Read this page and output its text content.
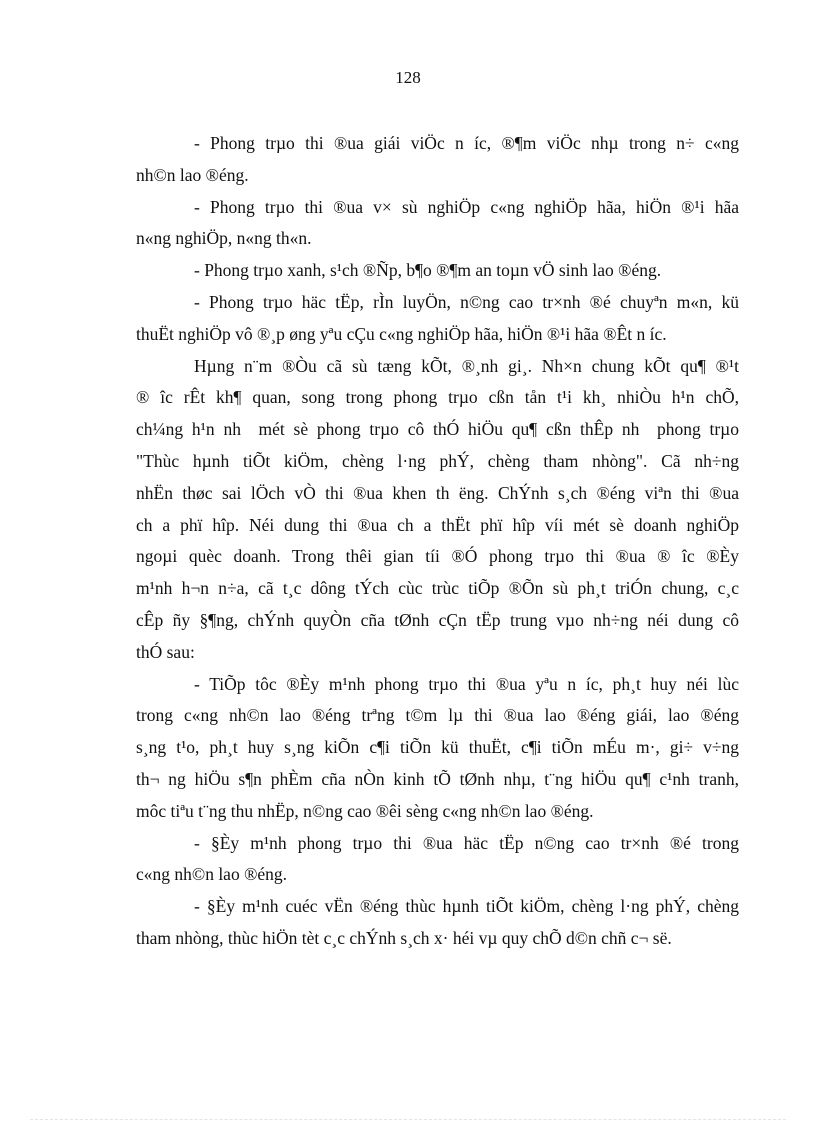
128
- Phong trµo thi ®ua giái viÖc n íc, ®¶m viÖc nhµ trong n÷ c«ng
nh©n lao ®éng.
- Phong trµo thi ®ua v× sù nghiÖp c«ng nghiÖp hãa, hiÖn ®¹i hãa
n«ng nghiÖp, n«ng th«n.
- Phong trµo xanh, s¹ch ®Ñp, b¶o ®¶m an toµn vÖ sinh lao ®éng.
- Phong trµo häc tËp, rÌn luyÖn, n©ng cao tr×nh ®é chuyªn m«n, kü
thuËt nghiÖp vô ®¸p øng yªu cÇu c«ng nghiÖp hãa, hiÖn ®¹i hãa ®Êt n íc.
Hµng n¨m ®Òu cã sù tæng kÕt, ®¸nh gi¸. Nh×n chung kÕt qu¶ ®¹t
® îc rÊt kh¶ quan, song trong phong trµo cßn tån t¹i kh¸ nhiÒu h¹n chÕ,
ch¼ng h¹n nh  mét sè phong trµo cô thÓ hiÖu qu¶ cßn thÊp nh  phong trµo
"Thùc hµnh tiÕt kiÖm, chèng l·ng phÝ, chèng tham nhòng". Cã nh÷ng
nhËn thøc sai lÖch vÒ thi ®ua khen th ëng. ChÝnh s¸ch ®éng viªn thi ®ua
ch a phï hîp. Néi dung thi ®ua ch a thËt phï hîp víi mét sè doanh nghiÖp
ngoµi quèc doanh. Trong thêi gian tíi ®Ó phong trµo thi ®ua ® îc ®Èy
m¹nh h¬n n÷a, cã t¸c dông tÝch cùc trùc tiÕp ®Õn sù ph¸t triÓn chung, c¸c
cÊp ñy §¶ng, chÝnh quyÒn cña tØnh cÇn tËp trung vµo nh÷ng néi dung cô
thÓ sau:
- TiÕp tôc ®Èy m¹nh phong trµo thi ®ua yªu n íc, ph¸t huy néi lùc
trong c«ng nh©n lao ®éng trªng t©m lµ thi ®ua lao ®éng giái, lao ®éng
s¸ng t¹o, ph¸t huy s¸ng kiÕn c¶i tiÕn kü thuËt, c¶i tiÕn mÉu m·, gi÷ v÷ng
th¬ ng hiÖu s¶n phÈm cña nÒn kinh tÕ tØnh nhµ, t¨ng hiÖu qu¶ c¹nh tranh,
môc tiªu t¨ng thu nhËp, n©ng cao ®êi sèng c«ng nh©n lao ®éng.
- §Èy m¹nh phong trµo thi ®ua häc tËp n©ng cao tr×nh ®é trong
c«ng nh©n lao ®éng.
- §Èy m¹nh cuéc vËn ®éng thùc hµnh tiÕt kiÖm, chèng l·ng phÝ, chèng
tham nhòng, thùc hiÖn tèt c¸c chÝnh s¸ch x· héi vµ quy chÕ d©n chñ c¬ së.
